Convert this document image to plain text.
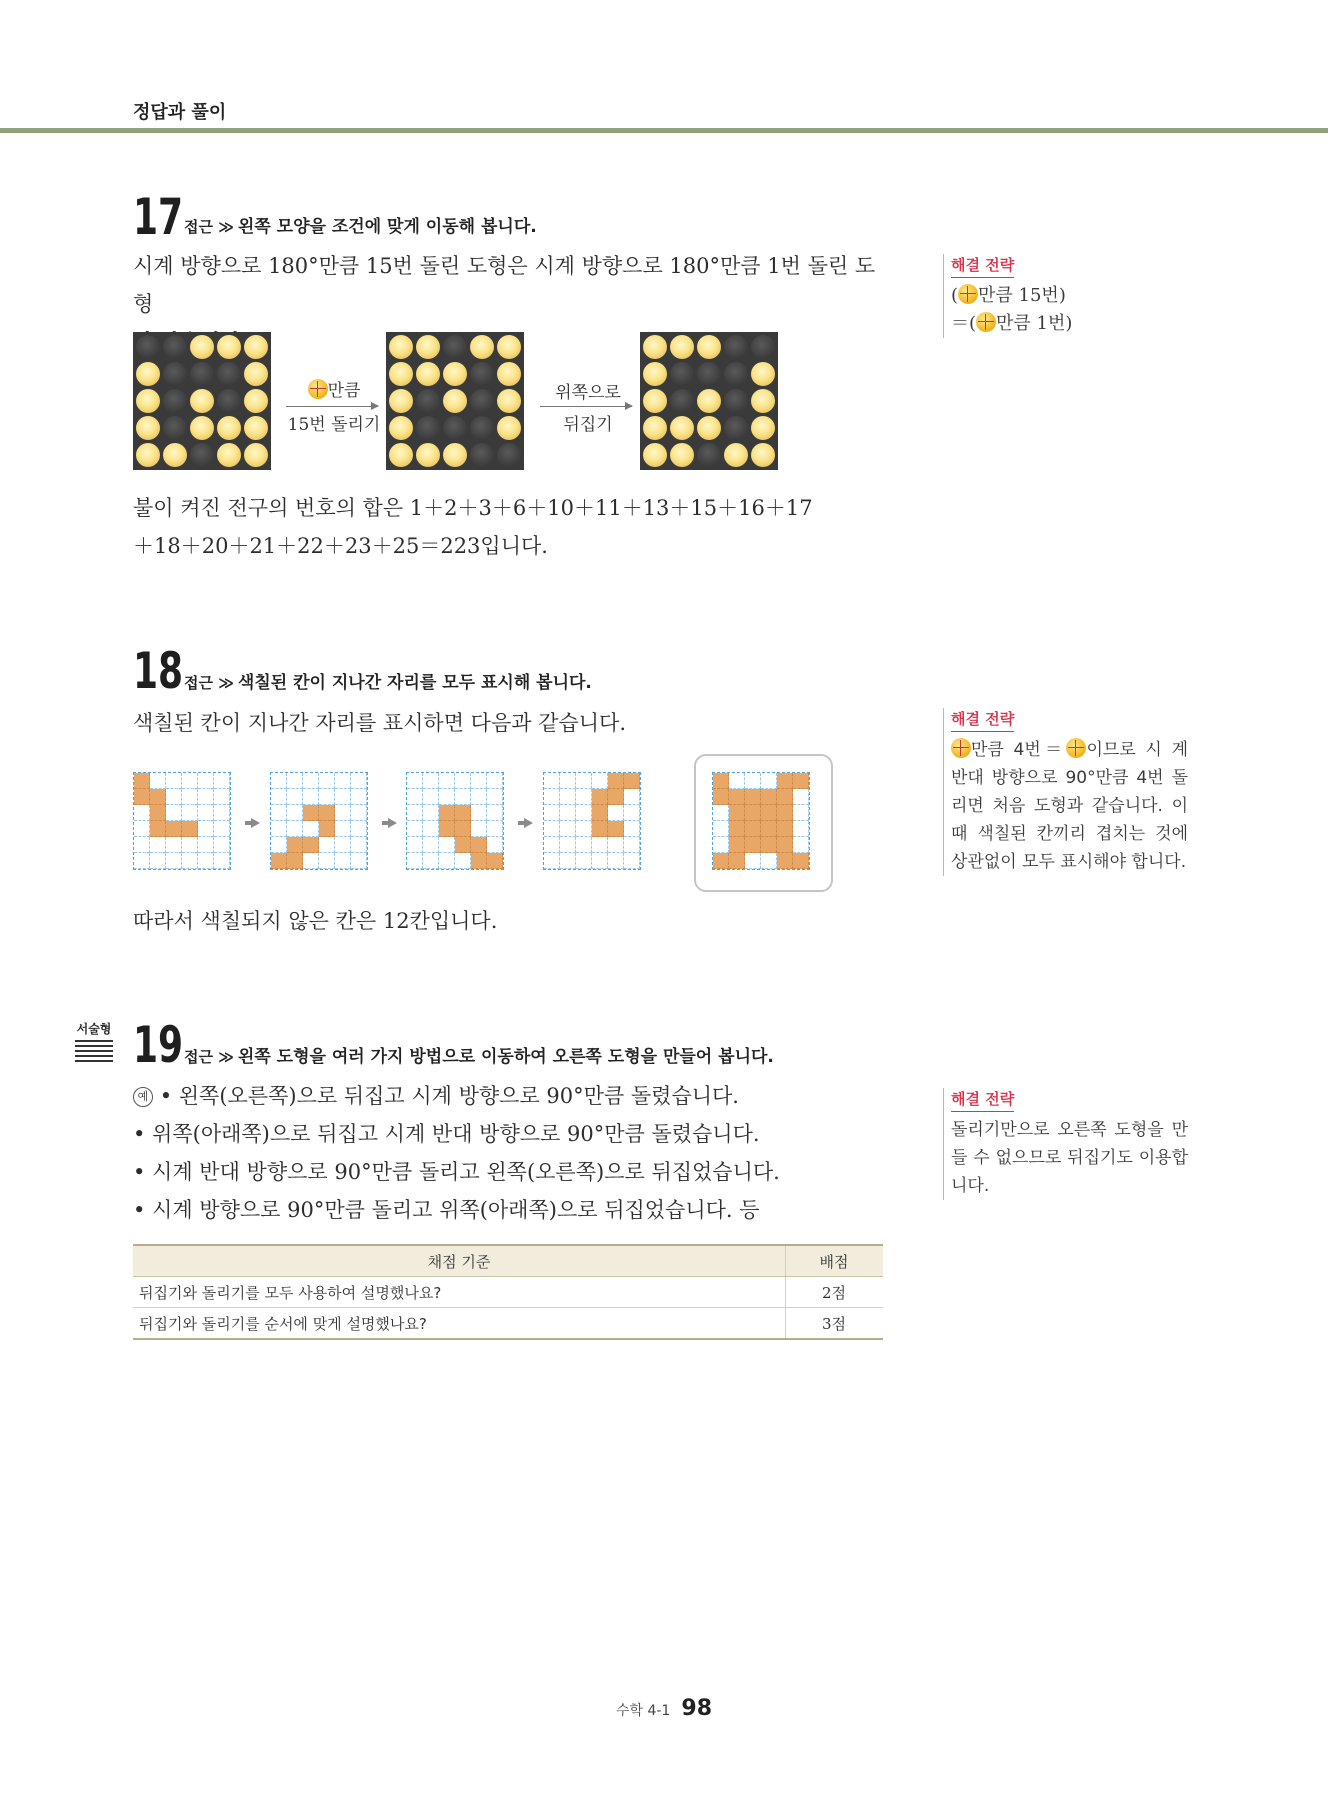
정답과 풀이
17 접근 ≫ 왼쪽 모양을 조건에 맞게 이동해 봅니다.
시계 방향으로 180°만큼 15번 돌린 도형은 시계 방향으로 180°만큼 1번 돌린 도형
만큼
15번 돌리기
위쪽으로
뒤집기
불이 켜진 전구의 번호의 합은 1＋2＋3＋6＋10＋11＋13＋15＋16＋17
＋18＋20＋21＋22＋23＋25＝223입니다.
해결 전략
( 만큼 15번)
＝( 만큼 1번)
18 접근 ≫ 색칠된 칸이 지나간 자리를 모두 표시해 봅니다.
색칠된 칸이 지나간 자리를 표시하면 다음과 같습니다.
따라서 색칠되지 않은 칸은 12칸입니다.
해결 전략
만큼 4번＝ 이므로 시 계 반대 방향으로 90°만큼 4번 돌리면 처음 도형과 같습니다. 이때 색칠된 칸끼리 겹치는 것에 상관없이 모두 표시해야 합니다.
서술형 19 접근 ≫ 왼쪽 도형을 여러 가지 방법으로 이동하여 오른쪽 도형을 만들어 봅니다.
예 • 왼쪽(오른쪽)으로 뒤집고 시계 방향으로 90°만큼 돌렸습니다.
• 위쪽(아래쪽)으로 뒤집고 시계 반대 방향으로 90°만큼 돌렸습니다.
• 시계 반대 방향으로 90°만큼 돌리고 왼쪽(오른쪽)으로 뒤집었습니다.
• 시계 방향으로 90°만큼 돌리고 위쪽(아래쪽)으로 뒤집었습니다. 등
해결 전략
돌리기만으로 오른쪽 도형을 만들 수 없으므로 뒤집기도 이용합니다.
채점 기준	배점
뒤집기와 돌리기를 모두 사용하여 설명했나요?	2점
뒤집기와 돌리기를 순서에 맞게 설명했나요?	3점
수학 4-1 98
